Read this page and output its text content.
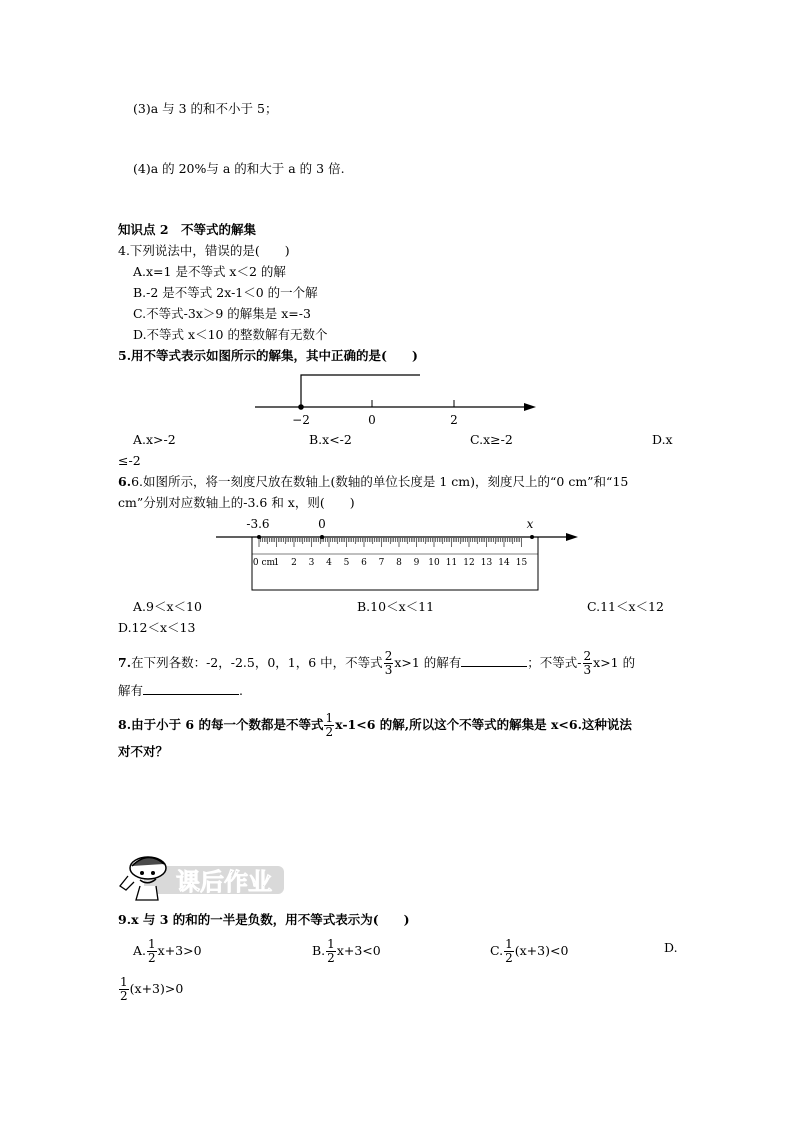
(3)a 与 3 的和不小于 5；
(4)a 的 20%与 a 的和大于 a 的 3 倍.
知识点 2　不等式的解集
4.下列说法中，错误的是(　　)
A.x=1 是不等式 x＜2 的解
B.-2 是不等式 2x-1＜0 的一个解
C.不等式-3x＞9 的解集是 x=-3
D.不等式 x＜10 的整数解有无数个
5.用不等式表示如图所示的解集，其中正确的是(　　)
−2	0	2
A.x>-2	B.x<-2	C.x≥-2	D.x
≤-2
6.6.如图所示，将一刻度尺放在数轴上(数轴的单位长度是 1 cm)，刻度尺上的“0 cm”和“15
cm”分别对应数轴上的-3.6 和 x，则(　　)
-3.6	0	x
0 cm
1 2 3 4 5 6 7 8 9 10 11 12 13 14 15
A.9＜x＜10	B.10＜x＜11	C.11＜x＜12
D.12＜x＜13
7.在下列各数：-2，-2.5，0，1，6 中，不等式 $\frac{2}{3} x>1$ 的解有	；不等式- $\frac{2}{3} x>1$ 的
解有	.
8.由于小于 6 的每一个数都是不等式 $\frac{1}{2} x-1<6$ 的解,所以这个不等式的解集是 x<6.这种说法
对不对？
课后作业
9.x 与 3 的和的一半是负数，用不等式表示为(　　)
A. $\frac{1}{2} x+3>0$	B. $\frac{1}{2} x+3<0$	C. $\frac{1}{2} (x+3)<0$	D.
$\frac{1}{2} (x+3)>0$
